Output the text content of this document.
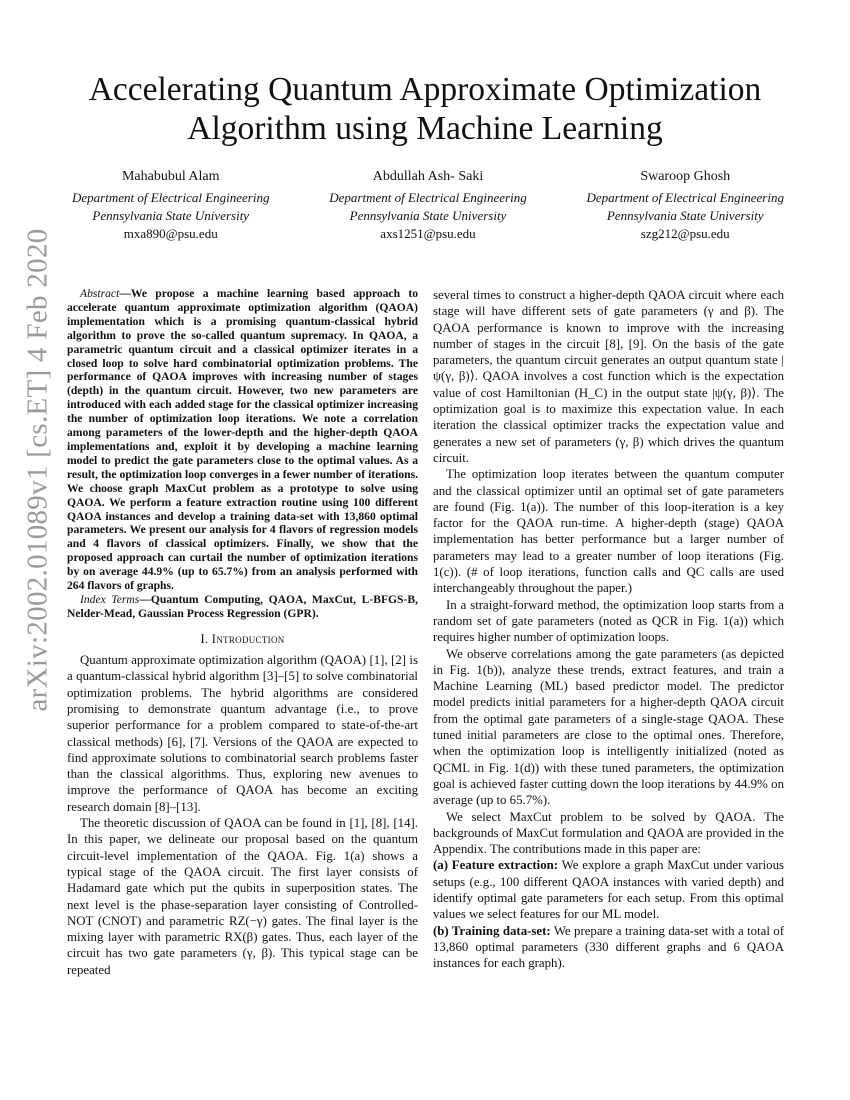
arXiv:2002.01089v1 [cs.ET] 4 Feb 2020
Accelerating Quantum Approximate Optimization
Algorithm using Machine Learning
Mahabubul Alam
Department of Electrical Engineering
Pennsylvania State University
mxa890@psu.edu
Abdullah Ash- Saki
Department of Electrical Engineering
Pennsylvania State University
axs1251@psu.edu
Swaroop Ghosh
Department of Electrical Engineering
Pennsylvania State University
szg212@psu.edu

Abstract—We propose a machine learning based approach to accelerate quantum approximate optimization algorithm (QAOA) implementation which is a promising quantum-classical hybrid algorithm to prove the so-called quantum supremacy. In QAOA, a parametric quantum circuit and a classical optimizer iterates in a closed loop to solve hard combinatorial optimization problems. The performance of QAOA improves with increasing number of stages (depth) in the quantum circuit. However, two new parameters are introduced with each added stage for the classical optimizer increasing the number of optimization loop iterations. We note a correlation among parameters of the lower-depth and the higher-depth QAOA implementations and, exploit it by developing a machine learning model to predict the gate parameters close to the optimal values. As a result, the optimization loop converges in a fewer number of iterations. We choose graph MaxCut problem as a prototype to solve using QAOA. We perform a feature extraction routine using 100 different QAOA instances and develop a training data-set with 13,860 optimal parameters. We present our analysis for 4 flavors of regression models and 4 flavors of classical optimizers. Finally, we show that the proposed approach can curtail the number of optimization iterations by on average 44.9% (up to 65.7%) from an analysis performed with 264 flavors of graphs.

Index Terms—Quantum Computing, QAOA, MaxCut, L-BFGS-B, Nelder-Mead, Gaussian Process Regression (GPR).

I. Introduction

Quantum approximate optimization algorithm (QAOA) [1], [2] is a quantum-classical hybrid algorithm [3]–[5] to solve combinatorial optimization problems. The hybrid algorithms are considered promising to demonstrate quantum advantage (i.e., to prove superior performance for a problem compared to state-of-the-art classical methods) [6], [7]. Versions of the QAOA are expected to find approximate solutions to combinatorial search problems faster than the classical algorithms. Thus, exploring new avenues to improve the performance of QAOA has become an exciting research domain [8]–[13].

The theoretic discussion of QAOA can be found in [1], [8], [14]. In this paper, we delineate our proposal based on the quantum circuit-level implementation of the QAOA. Fig. 1(a) shows a typical stage of the QAOA circuit. The first layer consists of Hadamard gate which put the qubits in superposition states. The next level is the phase-separation layer consisting of Controlled-NOT (CNOT) and parametric RZ(−γ) gates. The final layer is the mixing layer with parametric RX(β) gates. Thus, each layer of the circuit has two gate parameters (γ, β). This typical stage can be repeated

several times to construct a higher-depth QAOA circuit where each stage will have different sets of gate parameters (γ and β). The QAOA performance is known to improve with the increasing number of stages in the circuit [8], [9]. On the basis of the gate parameters, the quantum circuit generates an output quantum state |ψ(γ, β)⟩. QAOA involves a cost function which is the expectation value of cost Hamiltonian (H_C) in the output state |ψ(γ, β)⟩. The optimization goal is to maximize this expectation value. In each iteration the classical optimizer tracks the expectation value and generates a new set of parameters (γ, β) which drives the quantum circuit.

The optimization loop iterates between the quantum computer and the classical optimizer until an optimal set of gate parameters are found (Fig. 1(a)). The number of this loop-iteration is a key factor for the QAOA run-time. A higher-depth (stage) QAOA implementation has better performance but a larger number of parameters may lead to a greater number of loop iterations (Fig. 1(c)). (# of loop iterations, function calls and QC calls are used interchangeably throughout the paper.)

In a straight-forward method, the optimization loop starts from a random set of gate parameters (noted as QCR in Fig. 1(a)) which requires higher number of optimization loops.

We observe correlations among the gate parameters (as depicted in Fig. 1(b)), analyze these trends, extract features, and train a Machine Learning (ML) based predictor model. The predictor model predicts initial parameters for a higher-depth QAOA circuit from the optimal gate parameters of a single-stage QAOA. These tuned initial parameters are close to the optimal ones. Therefore, when the optimization loop is intelligently initialized (noted as QCML in Fig. 1(d)) with these tuned parameters, the optimization goal is achieved faster cutting down the loop iterations by 44.9% on average (up to 65.7%).

We select MaxCut problem to be solved by QAOA. The backgrounds of MaxCut formulation and QAOA are provided in the Appendix. The contributions made in this paper are:

(a) Feature extraction: We explore a graph MaxCut under various setups (e.g., 100 different QAOA instances with varied depth) and identify optimal gate parameters for each setup. From this optimal values we select features for our ML model.

(b) Training data-set: We prepare a training data-set with a total of 13,860 optimal parameters (330 different graphs and 6 QAOA instances for each graph).
